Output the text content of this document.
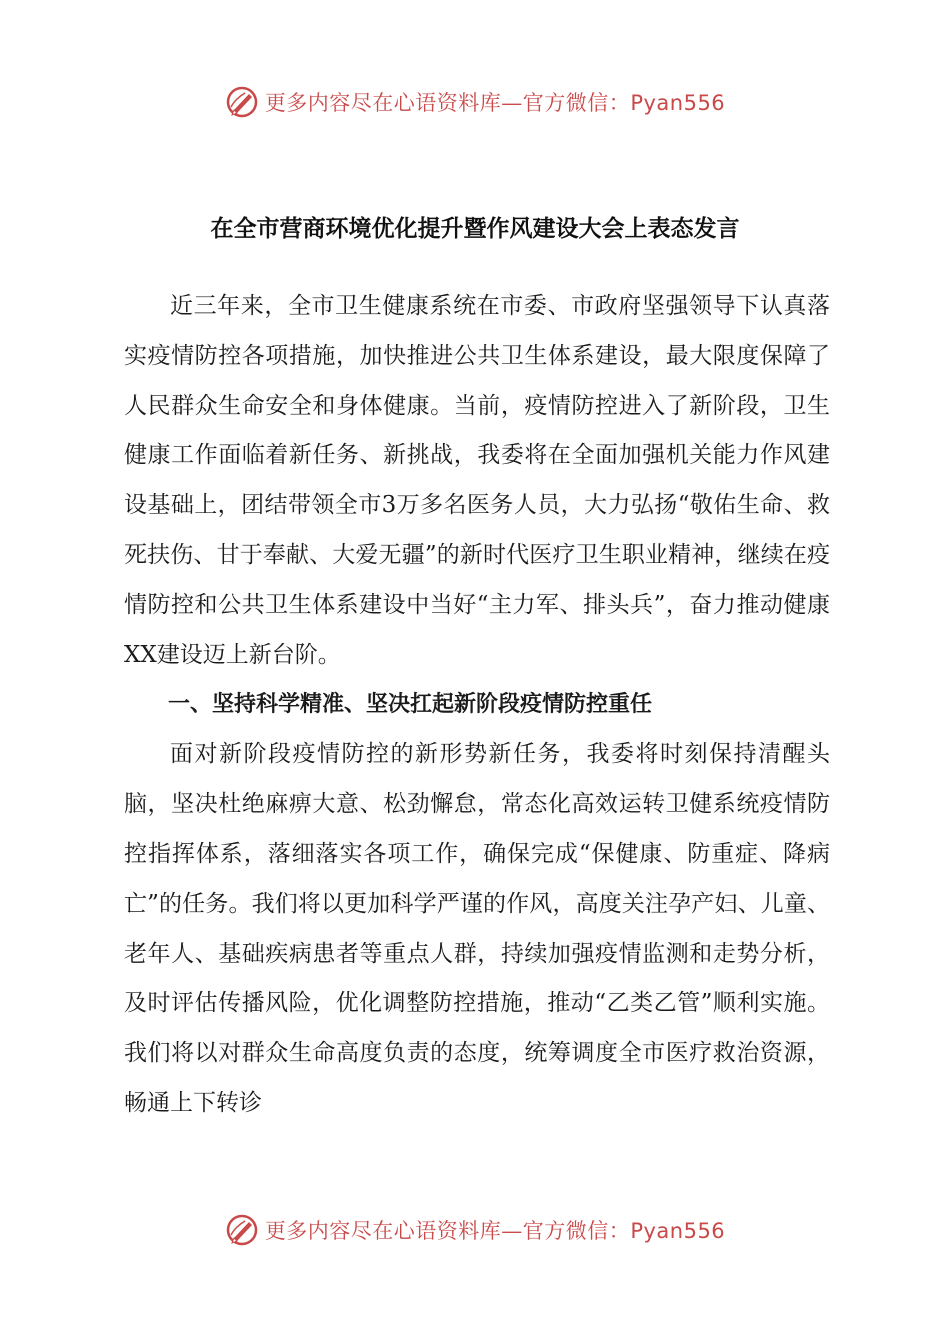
更多内容尽在心语资料库—官方微信：Pyan556
在全市营商环境优化提升暨作风建设大会上表态发言

近三年来，全市卫生健康系统在市委、市政府坚强领导下认真落实疫情防控各项措施，加快推进公共卫生体系建设，最大限度保障了人民群众生命安全和身体健康。当前，疫情防控进入了新阶段，卫生健康工作面临着新任务、新挑战，我委将在全面加强机关能力作风建设基础上，团结带领全市3万多名医务人员，大力弘扬“敬佑生命、救死扶伤、甘于奉献、大爱无疆”的新时代医疗卫生职业精神，继续在疫情防控和公共卫生体系建设中当好“主力军、排头兵”，奋力推动健康XX建设迈上新台阶。

一、坚持科学精准、坚决扛起新阶段疫情防控重任

面对新阶段疫情防控的新形势新任务，我委将时刻保持清醒头脑，坚决杜绝麻痹大意、松劲懈怠，常态化高效运转卫健系统疫情防控指挥体系，落细落实各项工作，确保完成“保健康、防重症、降病亡”的任务。我们将以更加科学严谨的作风，高度关注孕产妇、儿童、老年人、基础疾病患者等重点人群，持续加强疫情监测和走势分析，及时评估传播风险，优化调整防控措施，推动“乙类乙管”顺利实施。我们将以对群众生命高度负责的态度，统筹调度全市医疗救治资源，畅通上下转诊

更多内容尽在心语资料库—官方微信：Pyan556
